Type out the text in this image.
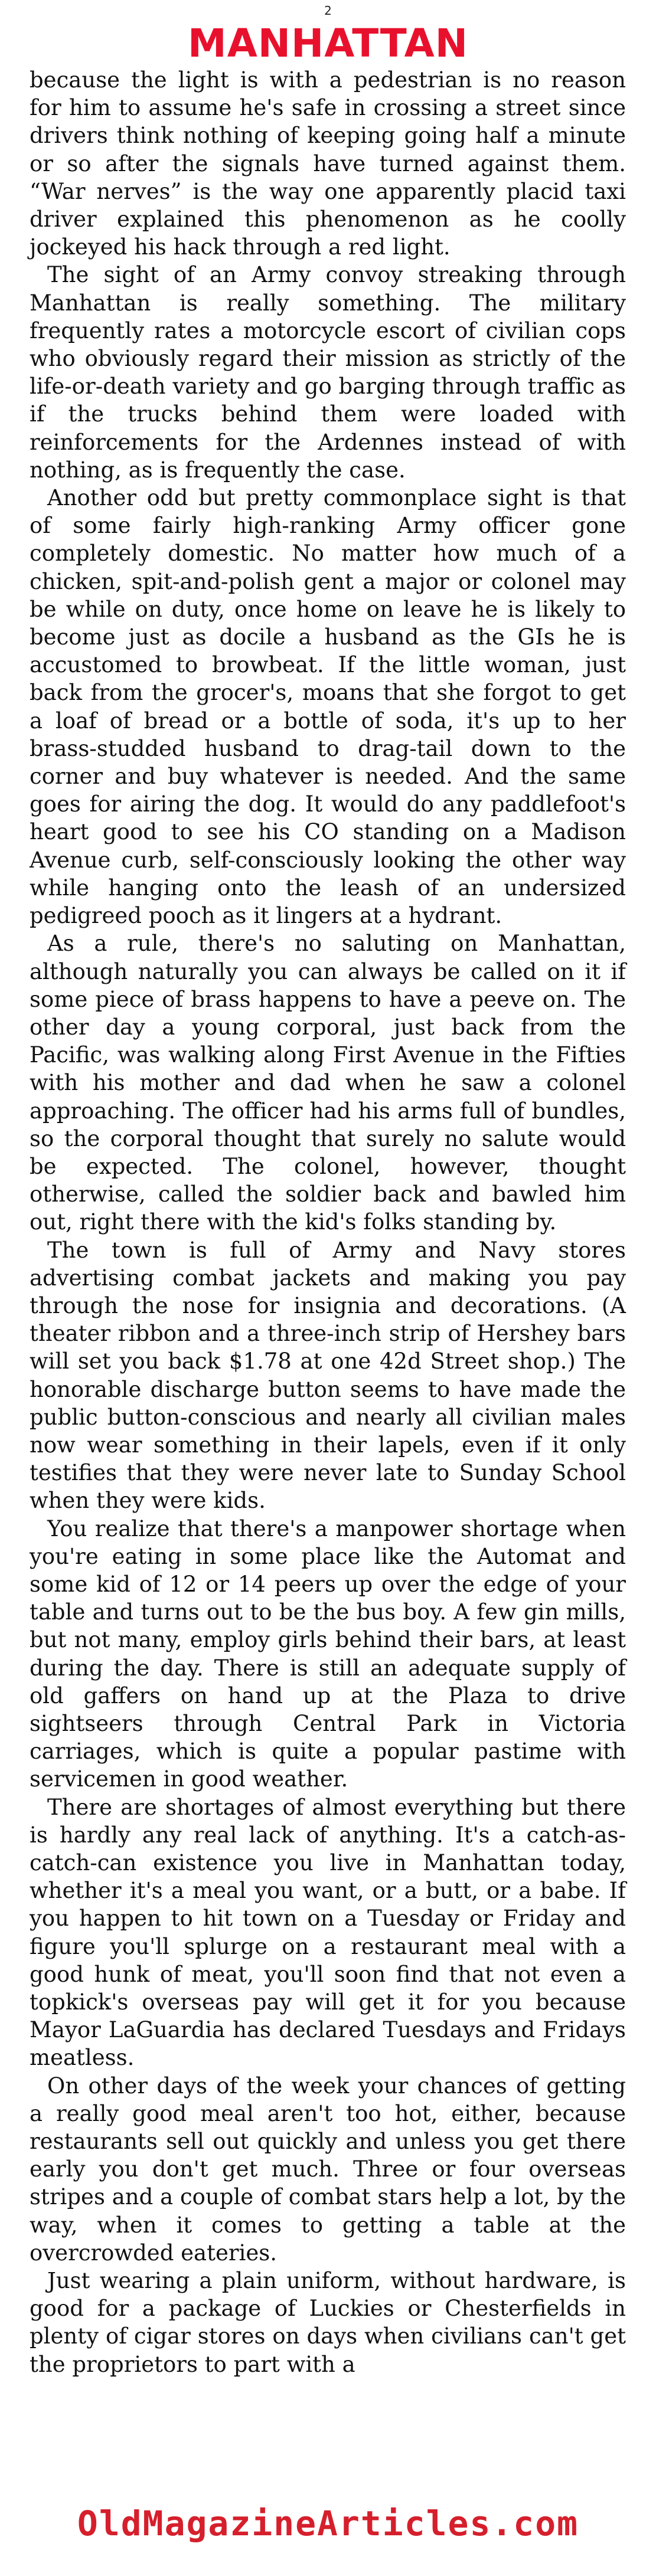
2
MANHATTAN

because the light is with a pedestrian is no reason for him to assume he's safe in crossing a street since drivers think nothing of keeping going half a minute or so after the signals have turned against them. “War nerves” is the way one apparently placid taxi driver explained this phenomenon as he coolly jockeyed his hack through a red light.

The sight of an Army convoy streaking through Manhattan is really something. The military frequently rates a motorcycle escort of civilian cops who obviously regard their mission as strictly of the life-or-death variety and go barging through traffic as if the trucks behind them were loaded with reinforcements for the Ardennes instead of with nothing, as is frequently the case.

Another odd but pretty commonplace sight is that of some fairly high-ranking Army officer gone completely domestic. No matter how much of a chicken, spit-and-polish gent a major or colonel may be while on duty, once home on leave he is likely to become just as docile a husband as the GIs he is accustomed to browbeat. If the little woman, just back from the grocer's, moans that she forgot to get a loaf of bread or a bottle of soda, it's up to her brass-studded husband to drag-tail down to the corner and buy whatever is needed. And the same goes for airing the dog. It would do any paddlefoot's heart good to see his CO standing on a Madison Avenue curb, self-consciously looking the other way while hanging onto the leash of an undersized pedigreed pooch as it lingers at a hydrant.

As a rule, there's no saluting on Manhattan, although naturally you can always be called on it if some piece of brass happens to have a peeve on. The other day a young corporal, just back from the Pacific, was walking along First Avenue in the Fifties with his mother and dad when he saw a colonel approaching. The officer had his arms full of bundles, so the corporal thought that surely no salute would be expected. The colonel, however, thought otherwise, called the soldier back and bawled him out, right there with the kid's folks standing by.

The town is full of Army and Navy stores advertising combat jackets and making you pay through the nose for insignia and decorations. (A theater ribbon and a three-inch strip of Hershey bars will set you back $1.78 at one 42d Street shop.) The honorable discharge button seems to have made the public button-conscious and nearly all civilian males now wear something in their lapels, even if it only testifies that they were never late to Sunday School when they were kids.

You realize that there's a manpower shortage when you're eating in some place like the Automat and some kid of 12 or 14 peers up over the edge of your table and turns out to be the bus boy. A few gin mills, but not many, employ girls behind their bars, at least during the day. There is still an adequate supply of old gaffers on hand up at the Plaza to drive sightseers through Central Park in Victoria carriages, which is quite a popular pastime with servicemen in good weather.

There are shortages of almost everything but there is hardly any real lack of anything. It's a catch-as-catch-can existence you live in Manhattan today, whether it's a meal you want, or a butt, or a babe. If you happen to hit town on a Tuesday or Friday and figure you'll splurge on a restaurant meal with a good hunk of meat, you'll soon find that not even a topkick's overseas pay will get it for you because Mayor LaGuardia has declared Tuesdays and Fridays meatless.

On other days of the week your chances of getting a really good meal aren't too hot, either, because restaurants sell out quickly and unless you get there early you don't get much. Three or four overseas stripes and a couple of combat stars help a lot, by the way, when it comes to getting a table at the overcrowded eateries.

Just wearing a plain uniform, without hardware, is good for a package of Luckies or Chesterfields in plenty of cigar stores on days when civilians can't get the proprietors to part with a

OldMagazineArticles.com
